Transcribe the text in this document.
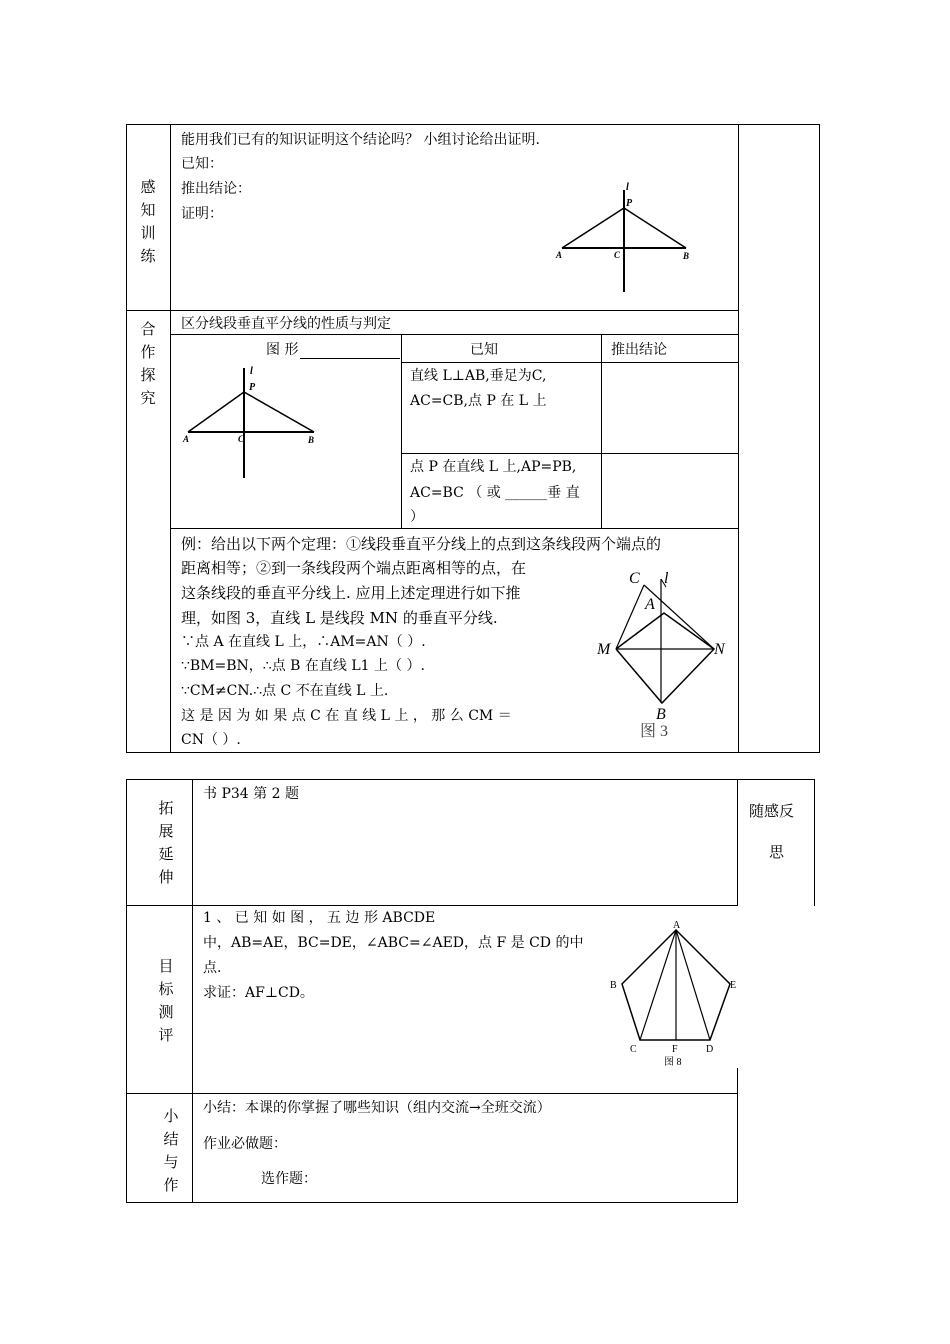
感
知
训
练
能用我们已有的知识证明这个结论吗？ 小组讨论给出证明.
已知：
推出结论：
证明：
l
P
A	C	B
合
作
探
究
区分线段垂直平分线的性质与判定
图 形	已知	推出结论
直线 L⊥AB,垂足为C,
AC=CB,点 P 在 L 上
点 P 在直线 L 上,AP=PB,
AC=BC （ 或 ______垂 直
）
l
P
A	C	B
例：给出以下两个定理：①线段垂直平分线上的点到这条线段两个端点的
距离相等；②到一条线段两个端点距离相等的点，在
这条线段的垂直平分线上. 应用上述定理进行如下推
理，如图 3，直线 L 是线段 MN 的垂直平分线.
∵点 A 在直线 L 上，∴AM=AN（ ）.
∵BM=BN，∴点 B 在直线 L1 上（ ）.
∵CM≠CN.∴点 C 不在直线 L 上.
这 是 因 为 如 果 点 C 在 直 线 L 上 ， 那 么 CM ＝
CN（ ）.
C l
A
M	N
B
图 3
拓
展
延
伸
书 P34 第 2 题
随感反
思
目
标
测
评
1 、 已 知 如 图 ， 五 边 形 ABCDE
中，AB=AE，BC=DE，∠ABC=∠AED，点 F 是 CD 的中
点.
求证：AF⊥CD。
A
B
C	D
E
F
图 8
小
结
与
作
小结：本课的你掌握了哪些知识（组内交流→全班交流）
作业必做题：
选作题：
